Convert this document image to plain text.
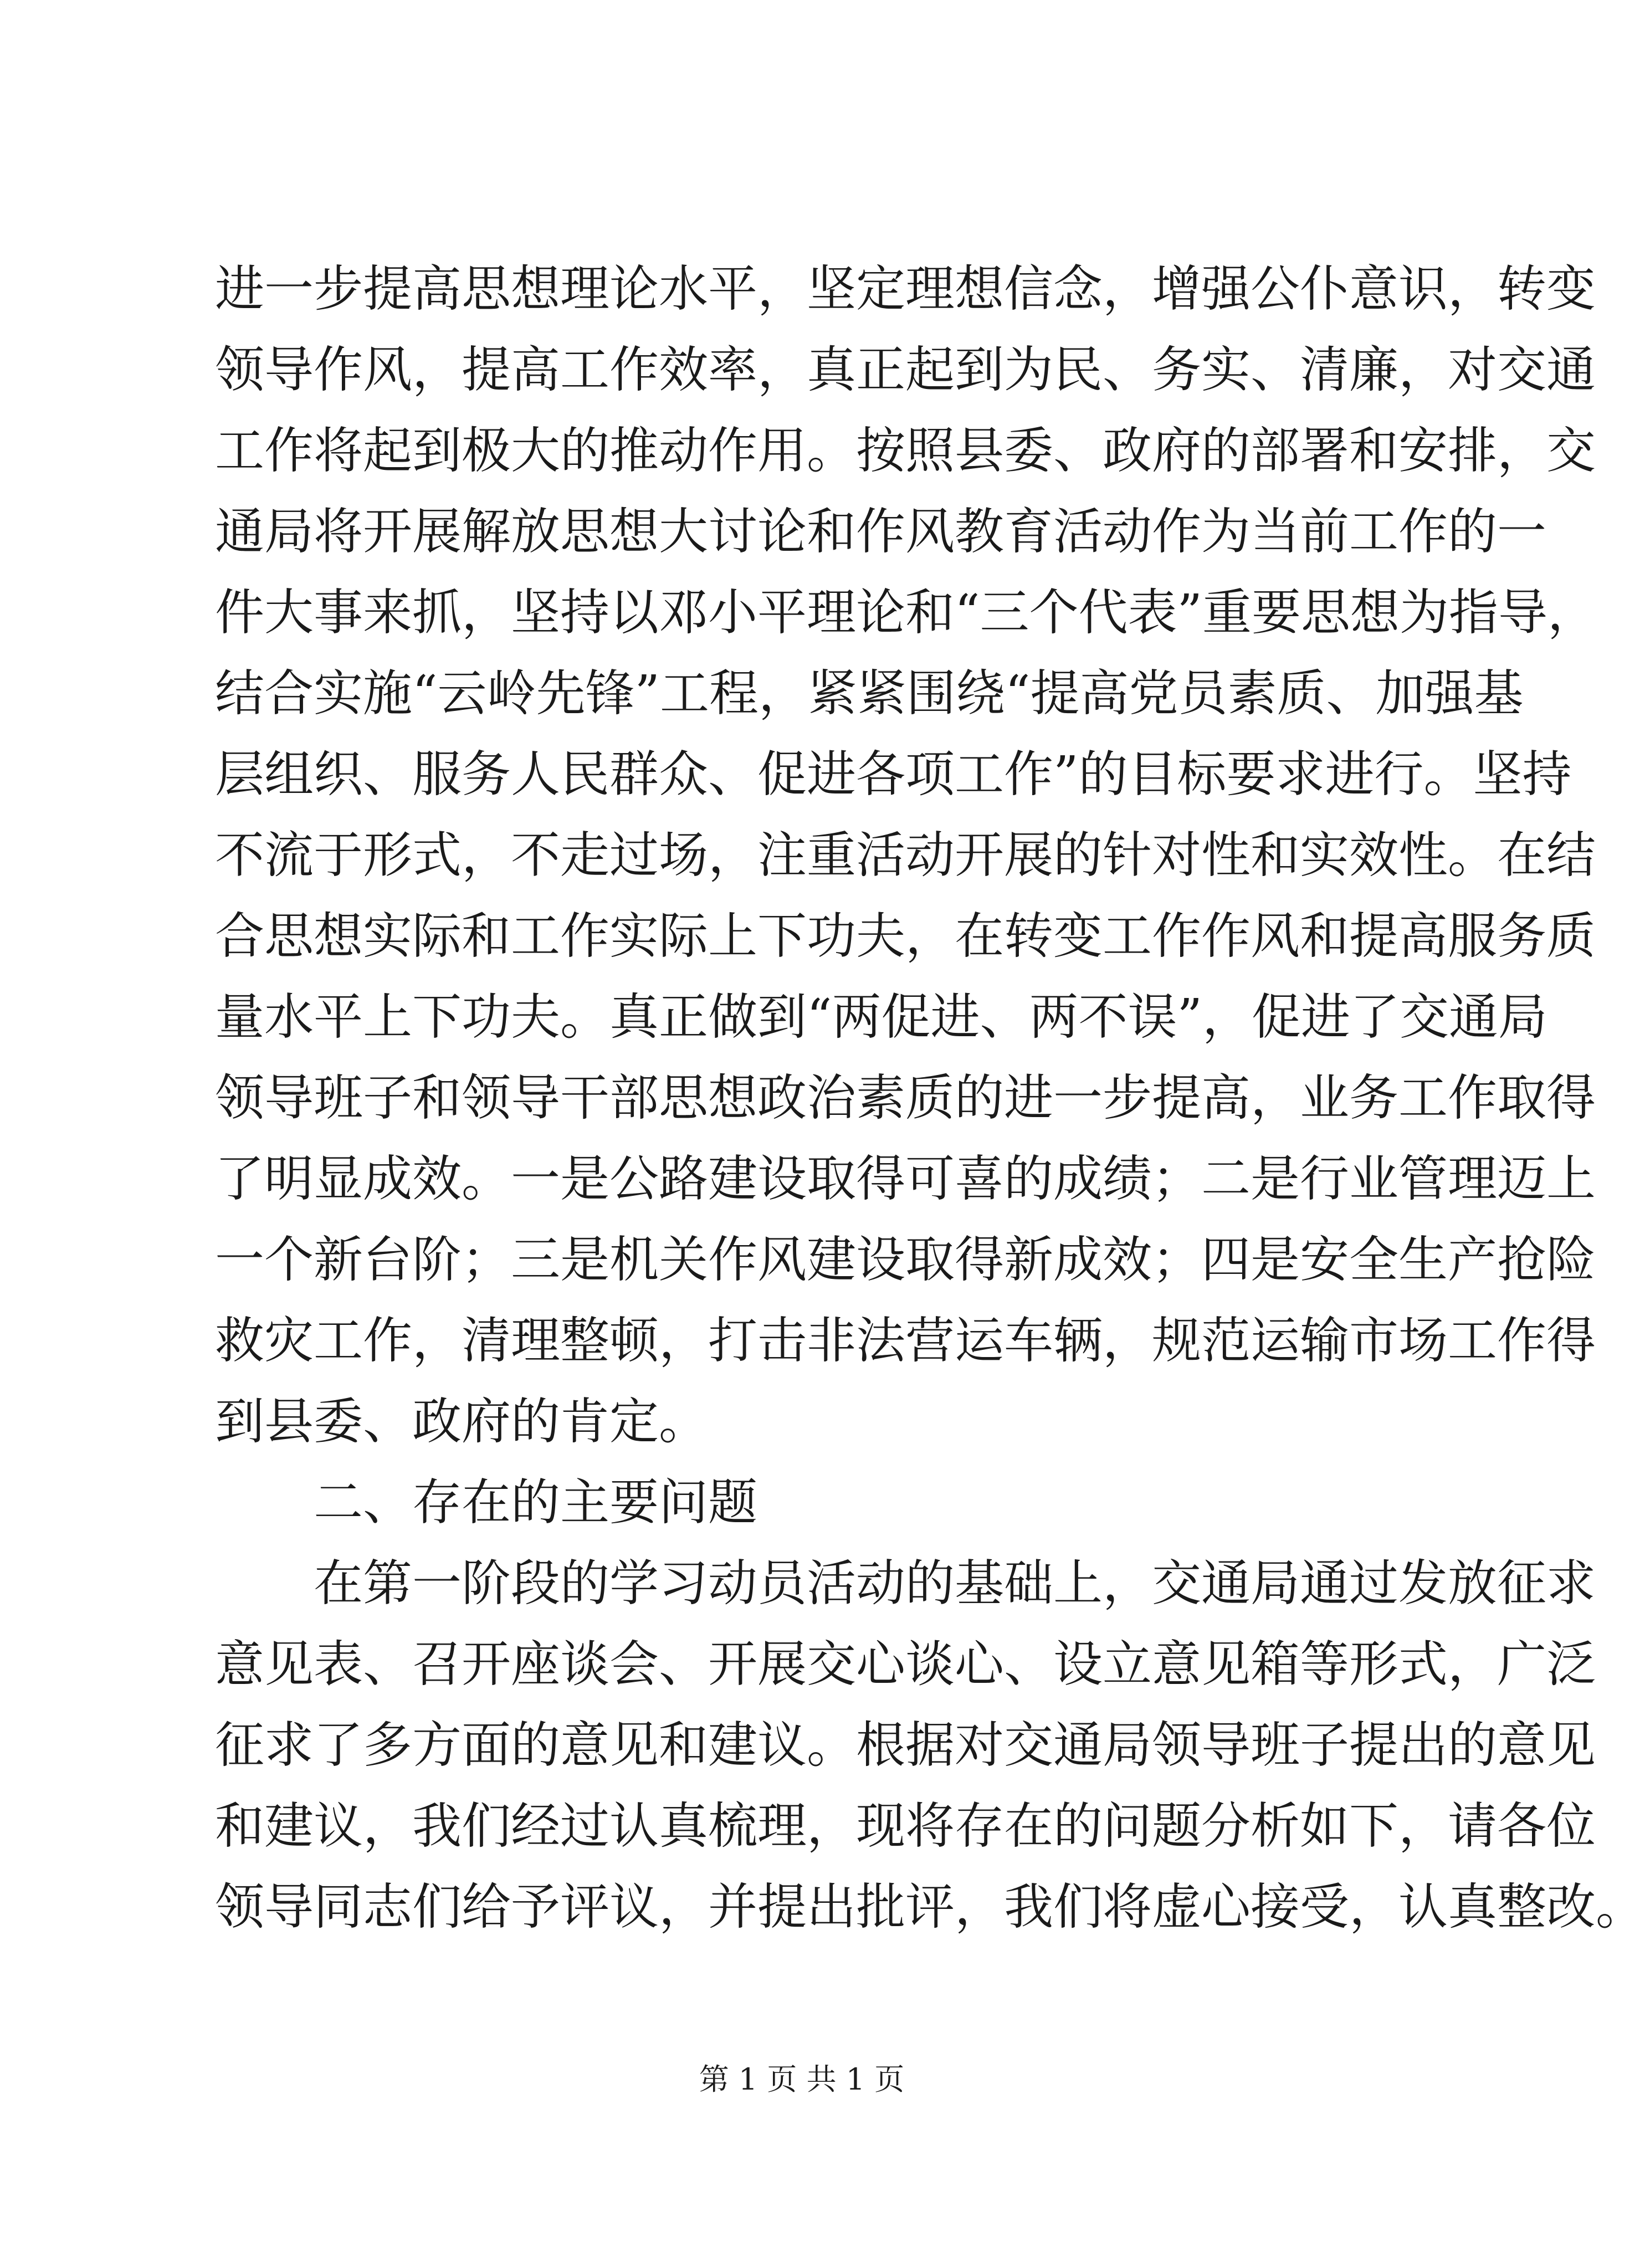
进一步提高思想理论水平，坚定理想信念，增强公仆意识，转变
领导作风，提高工作效率，真正起到为民、务实、清廉，对交通
工作将起到极大的推动作用。按照县委、政府的部署和安排，交
通局将开展解放思想大讨论和作风教育活动作为当前工作的一
件大事来抓，坚持以邓小平理论和“三个代表”重要思想为指导，
结合实施“云岭先锋”工程，紧紧围绕“提高党员素质、加强基
层组织、服务人民群众、促进各项工作”的目标要求进行。坚持
不流于形式，不走过场，注重活动开展的针对性和实效性。在结
合思想实际和工作实际上下功夫，在转变工作作风和提高服务质
量水平上下功夫。真正做到“两促进、两不误”，促进了交通局
领导班子和领导干部思想政治素质的进一步提高，业务工作取得
了明显成效。一是公路建设取得可喜的成绩；二是行业管理迈上
一个新台阶；三是机关作风建设取得新成效；四是安全生产抢险
救灾工作，清理整顿，打击非法营运车辆，规范运输市场工作得
到县委、政府的肯定。
二、存在的主要问题
在第一阶段的学习动员活动的基础上，交通局通过发放征求
意见表、召开座谈会、开展交心谈心、设立意见箱等形式，广泛
征求了多方面的意见和建议。根据对交通局领导班子提出的意见
和建议，我们经过认真梳理，现将存在的问题分析如下，请各位
领导同志们给予评议，并提出批评，我们将虚心接受，认真整改。
第 1 页 共 1 页
